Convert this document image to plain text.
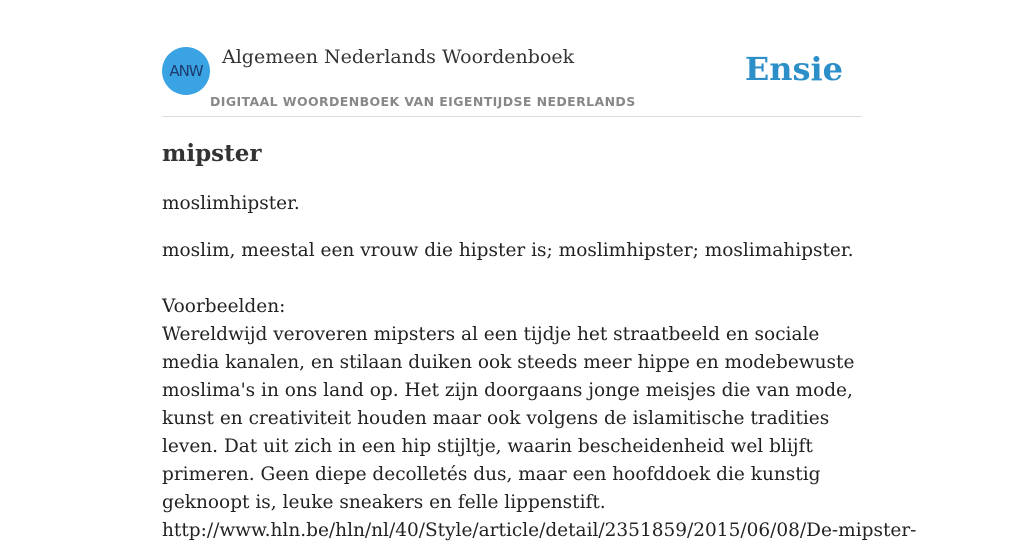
ANW
Algemeen Nederlands Woordenboek
DIGITAAL WOORDENBOEK VAN EIGENTIJDSE NEDERLANDS
Ensie
mipster

moslimhipster.

moslim, meestal een vrouw die hipster is; moslimhipster; moslimahipster.

Voorbeelden:

Wereldwijd veroveren mipsters al een tijdje het straatbeeld en sociale media kanalen, en stilaan duiken ook steeds meer hippe en modebewuste moslima's in ons land op. Het zijn doorgaans jonge meisjes die van mode, kunst en creativiteit houden maar ook volgens de islamitische tradities leven. Dat uit zich in een hip stijltje, waarin bescheidenheid wel blijft primeren. Geen diepe decolletés dus, maar een hoofddoek die kunstig geknoopt is, leuke sneakers en felle lippenstift.

http://www.hln.be/hln/nl/40/Style/article/detail/2351859/2015/06/08/De-mipster-
